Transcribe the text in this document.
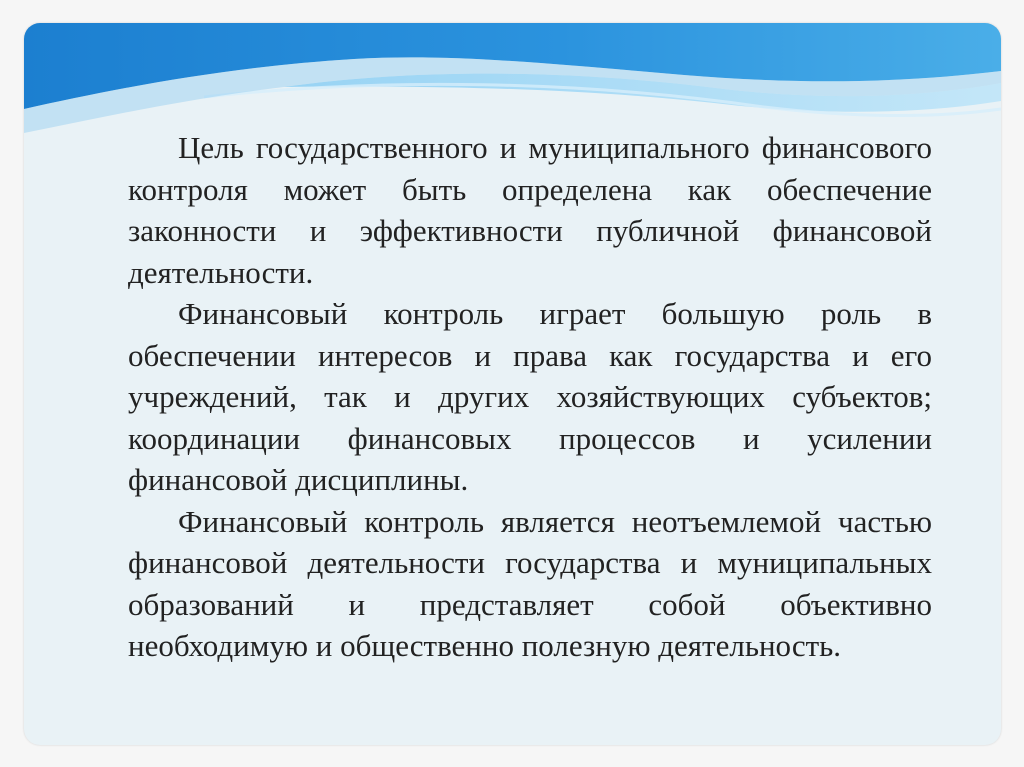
Цель государственного и муниципального финансового контроля может быть определена как обеспечение законности и эффективности публичной финансовой деятельности.

Финансовый контроль играет большую роль в обеспечении интересов и права как государства и его учреждений, так и других хозяйствующих субъектов; координации финансовых процессов и усилении финансовой дисциплины.

Финансовый контроль является неотъемлемой частью финансовой деятельности государства и муниципальных образований и представляет собой объективно необходимую и общественно полезную деятельность.
